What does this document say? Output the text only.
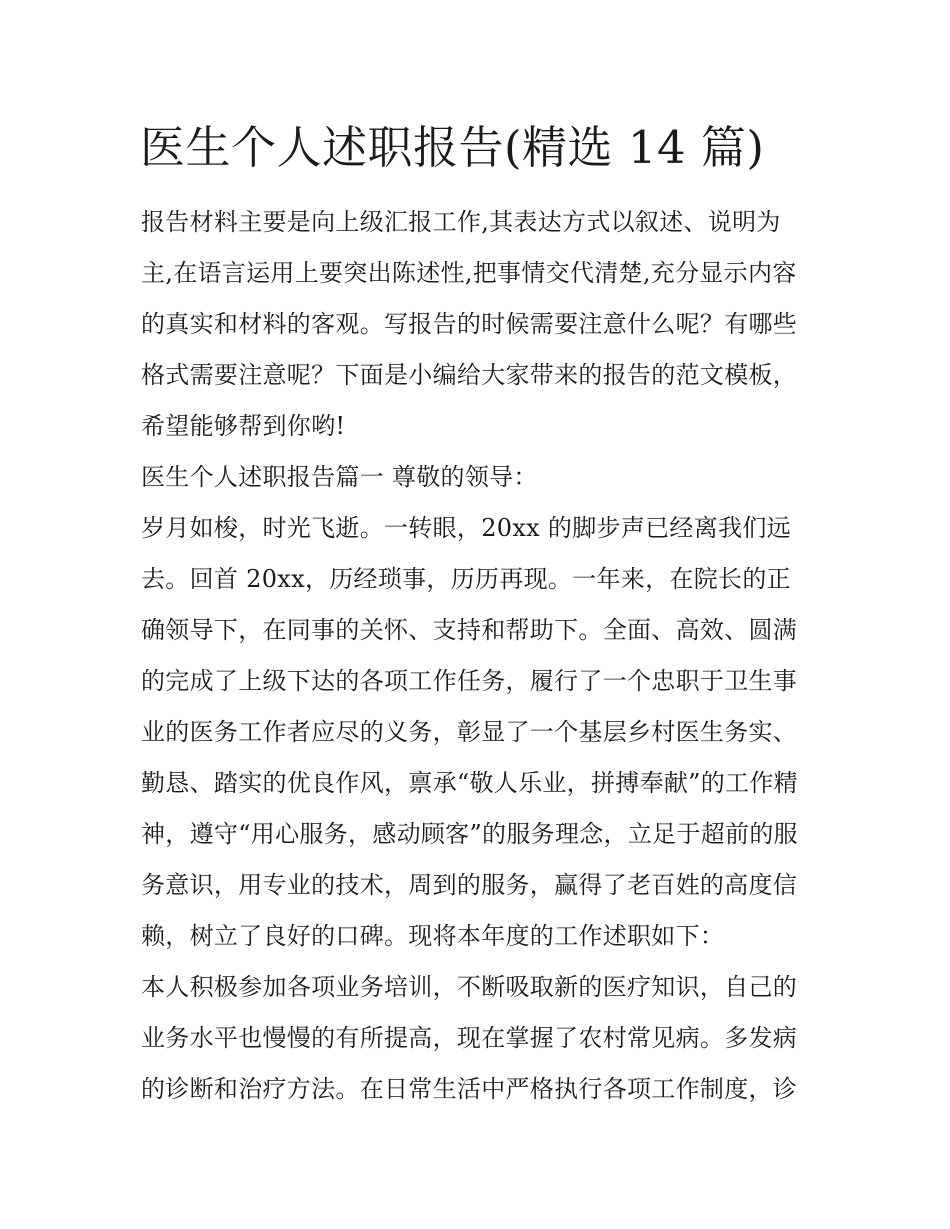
医生个人述职报告(精选 14 篇)
报告材料主要是向上级汇报工作,其表达方式以叙述、说明为
主,在语言运用上要突出陈述性,把事情交代清楚,充分显示内容
的真实和材料的客观。写报告的时候需要注意什么呢？有哪些
格式需要注意呢？下面是小编给大家带来的报告的范文模板，
希望能够帮到你哟!
医生个人述职报告篇一 尊敬的领导：
岁月如梭，时光飞逝。一转眼，20xx 的脚步声已经离我们远
去。回首 20xx，历经琐事，历历再现。一年来，在院长的正
确领导下，在同事的关怀、支持和帮助下。全面、高效、圆满
的完成了上级下达的各项工作任务，履行了一个忠职于卫生事
业的医务工作者应尽的义务，彰显了一个基层乡村医生务实、
勤恳、踏实的优良作风，禀承“敬人乐业，拼搏奉献”的工作精
神，遵守“用心服务，感动顾客”的服务理念，立足于超前的服
务意识，用专业的技术，周到的服务，赢得了老百姓的高度信
赖，树立了良好的口碑。现将本年度的工作述职如下：
本人积极参加各项业务培训，不断吸取新的医疗知识，自己的
业务水平也慢慢的有所提高，现在掌握了农村常见病。多发病
的诊断和治疗方法。在日常生活中严格执行各项工作制度，诊
